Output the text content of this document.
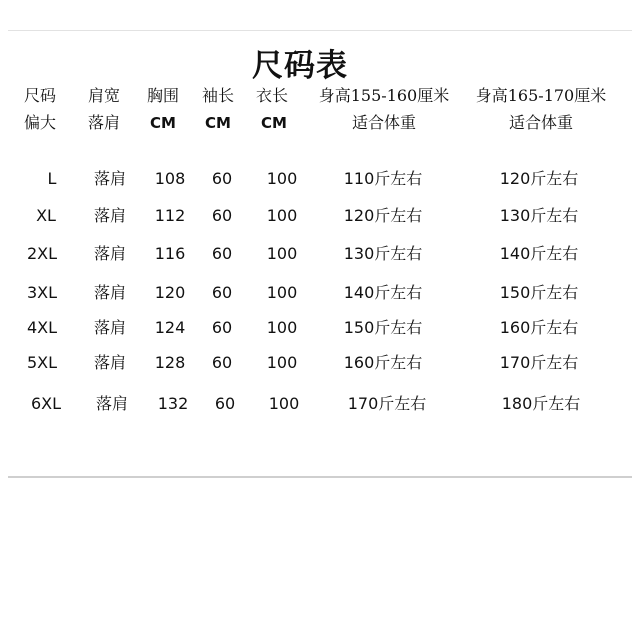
尺码表
尺码 肩宽 胸围 袖长 衣长 身高155-160厘米 身高165-170厘米
偏大 落肩 CM CM CM	适合体重	适合体重
L 落肩 108 60 100	110斤左右	120斤左右
XL 落肩 112 60 100	120斤左右	130斤左右
2XL 落肩 116 60 100	130斤左右	140斤左右
3XL 落肩 120 60 100	140斤左右	150斤左右
4XL 落肩 124 60 100	150斤左右	160斤左右
5XL 落肩 128 60 100	160斤左右	170斤左右
6XL 落肩 132 60 100	170斤左右	180斤左右
